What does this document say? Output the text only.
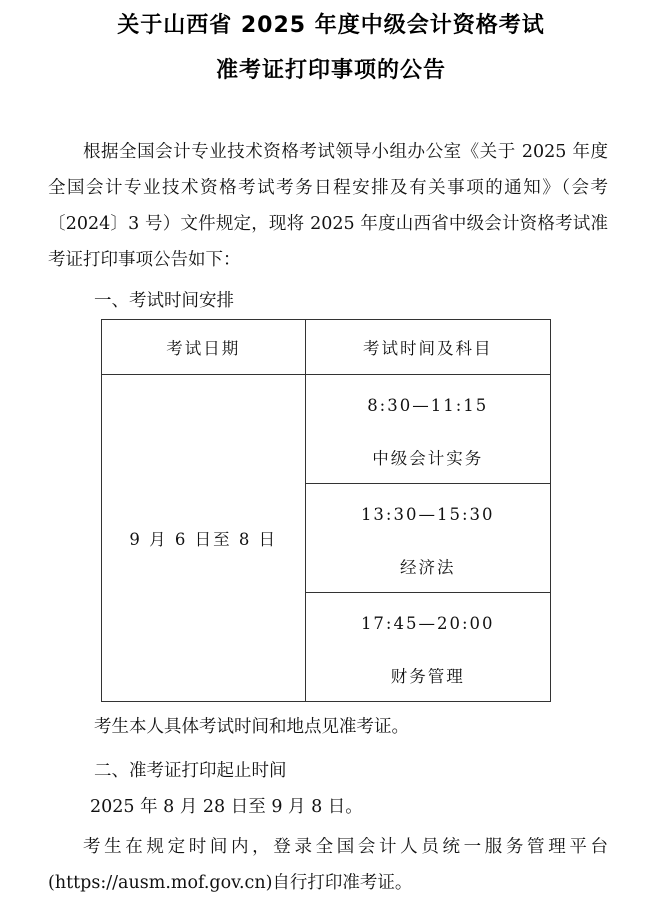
关于山西省 2025 年度中级会计资格考试
准考证打印事项的公告

根据全国会计专业技术资格考试领导小组办公室《关于 2025 年度全国会计专业技术资格考试考务日程安排及有关事项的通知》（会考〔2024〕3 号）文件规定，现将 2025 年度山西省中级会计资格考试准考证打印事项公告如下：

一、考试时间安排
考试日期	考试时间及科目
9 月 6 日至 8 日	8:30—11:15
中级会计实务

	13:30—15:30
经济法

	17:45—20:00
财务管理
考生本人具体考试时间和地点见准考证。
二、准考证打印起止时间
2025 年 8 月 28 日至 9 月 8 日。

考生在规定时间内，登录全国会计人员统一服务管理平台(https://ausm.mof.gov.cn)自行打印准考证。
